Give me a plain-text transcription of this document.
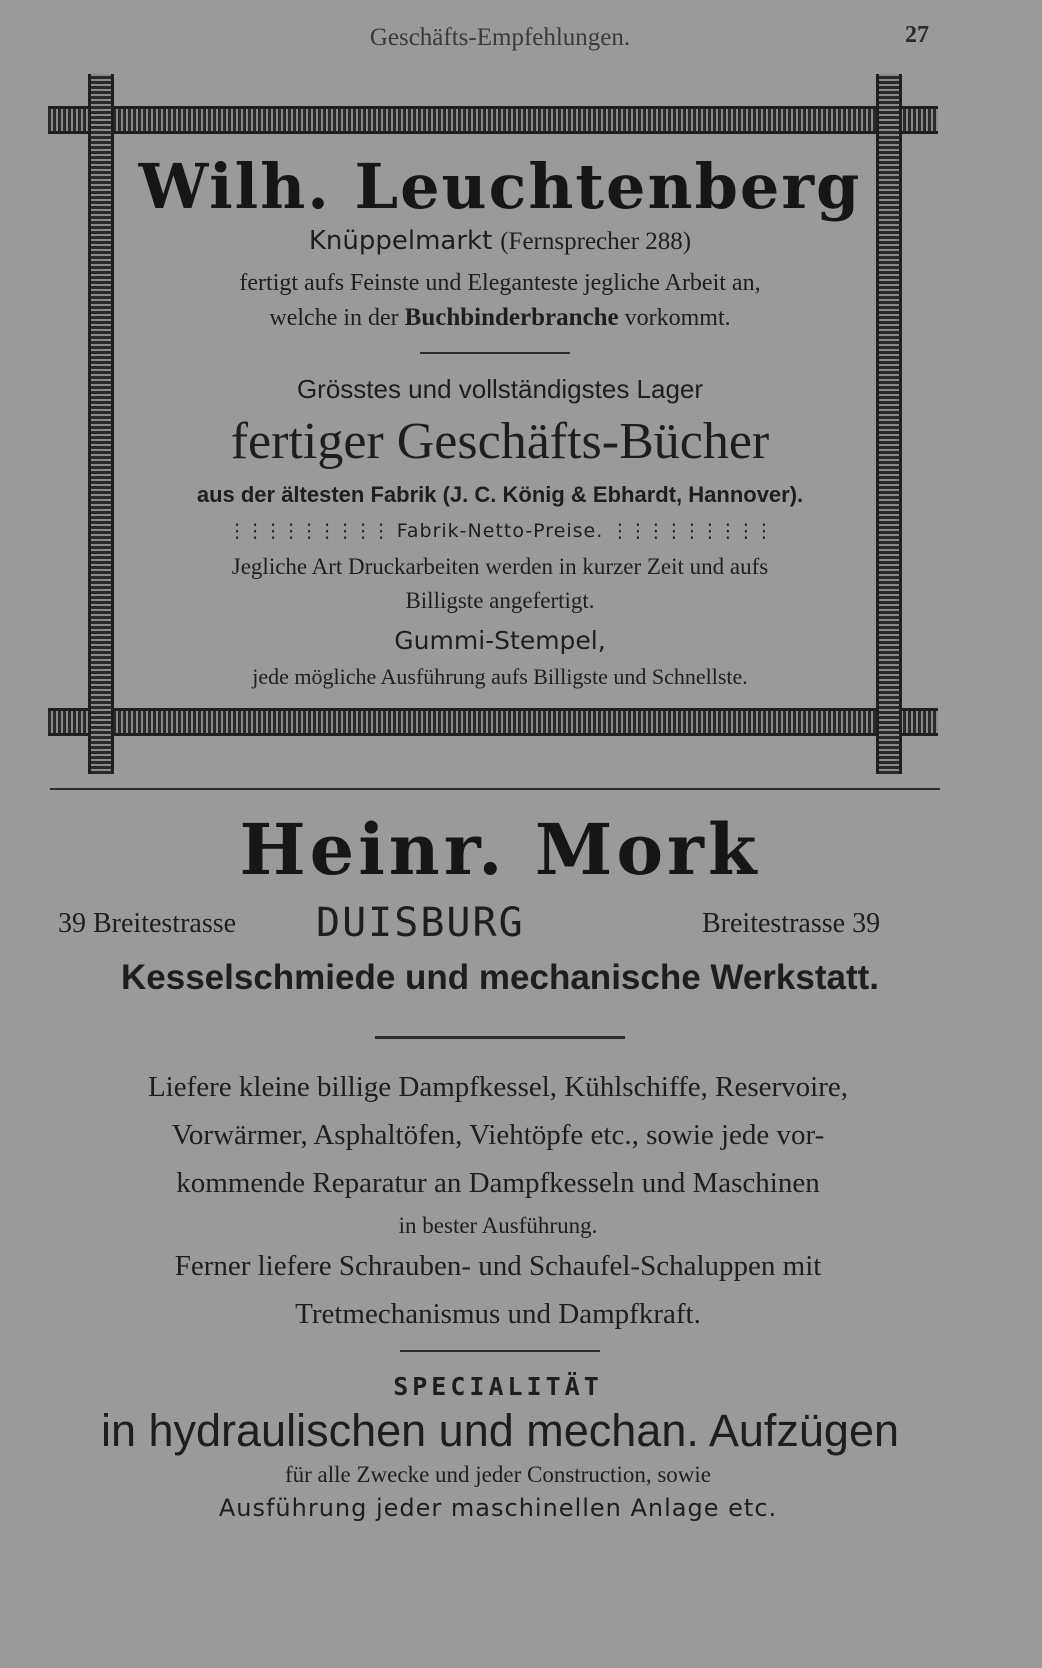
Geschäfts-Empfehlungen.	27
Wilh. Leuchtenberg
Knüppelmarkt (Fernsprecher 288)
fertigt aufs Feinste und Eleganteste jegliche Arbeit an,
welche in der Buchbinderbranche vorkommt.
Grösstes und vollständigstes Lager
fertiger Geschäfts-Bücher
aus der ältesten Fabrik (J. C. König & Ebhardt, Hannover).
⋮⋮⋮⋮⋮⋮⋮⋮⋮ Fabrik-Netto-Preise. ⋮⋮⋮⋮⋮⋮⋮⋮⋮
Jegliche Art Druckarbeiten werden in kurzer Zeit und aufs
Billigste angefertigt.
Gummi-Stempel,
jede mögliche Ausführung aufs Billigste und Schnellste.
Heinr. Mork
39 Breitestrasse DUISBURG	Breitestrasse 39
Kesselschmiede und mechanische Werkstatt.
Liefere kleine billige Dampfkessel, Kühlschiffe, Reservoire,
Vorwärmer, Asphaltöfen, Viehtöpfe etc., sowie jede vor-
kommende Reparatur an Dampfkesseln und Maschinen
in bester Ausführung.
Ferner liefere Schrauben- und Schaufel-Schaluppen mit
Tretmechanismus und Dampfkraft.
SPECIALITÄT
in hydraulischen und mechan. Aufzügen
für alle Zwecke und jeder Construction, sowie
Ausführung jeder maschinellen Anlage etc.
